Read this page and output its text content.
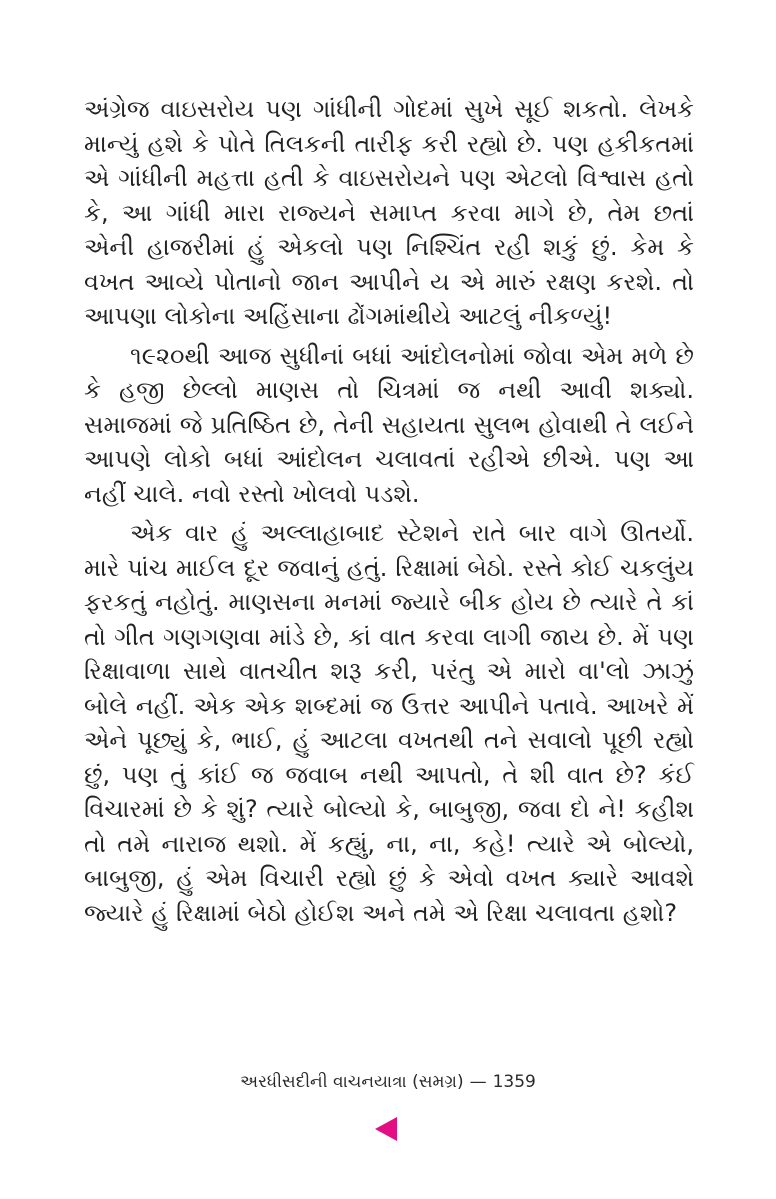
અંગ્રેજ વાઇસરોય પણ ગાંધીની ગોદમાં સુખે સૂઈ શકતો. લેખકે માન્યું હશે કે પોતે તિલકની તારીફ કરી રહ્યો છે. પણ હકીકતમાં એ ગાંધીની મહત્તા હતી કે વાઇસરોયને પણ એટલો વિશ્વાસ હતો કે, આ ગાંધી મારા રાજ્યને સમાપ્ત કરવા માગે છે, તેમ છતાં એની હાજરીમાં હું એકલો પણ નિશ્ચિંત રહી શકું છું. કેમ કે વખત આવ્યે પોતાનો જાન આપીને ય એ મારું રક્ષણ કરશે. તો આપણા લોકોના અહિંસાના ઢોંગમાંથીયે આટલું નીકળ્યું!

૧૯૨૦થી આજ સુધીનાં બધાં આંદોલનોમાં જોવા એમ મળે છે કે હજી છેલ્લો માણસ તો ચિત્રમાં જ નથી આવી શક્યો. સમાજમાં જે પ્રતિષ્ઠિત છે, તેની સહાયતા સુલભ હોવાથી તે લઈને આપણે લોકો બધાં આંદોલન ચલાવતાં રહીએ છીએ. પણ આ નહીં ચાલે. નવો રસ્તો ખોલવો પડશે.

એક વાર હું અલ્લાહાબાદ સ્ટેશને રાતે બાર વાગે ઊતર્યો. મારે પાંચ માઈલ દૂર જવાનું હતું. રિક્ષામાં બેઠો. રસ્તે કોઈ ચકલુંય ફરકતું નહોતું. માણસના મનમાં જ્યારે બીક હોય છે ત્યારે તે કાં તો ગીત ગણગણવા માંડે છે, કાં વાત કરવા લાગી જાય છે. મેં પણ રિક્ષાવાળા સાથે વાતચીત શરૂ કરી, પરંતુ એ મારો વા'લો ઝાઝું બોલે નહીં. એક એક શબ્દમાં જ ઉત્તર આપીને પતાવે. આખરે મેં એને પૂછ્યું કે, ભાઈ, હું આટલા વખતથી તને સવાલો પૂછી રહ્યો છું, પણ તું કાંઈ જ જવાબ નથી આપતો, તે શી વાત છે? કંઈ વિચારમાં છે કે શું? ત્યારે બોલ્યો કે, બાબુજી, જવા દો ને! કહીશ તો તમે નારાજ થશો. મેં કહ્યું, ના, ના, કહે! ત્યારે એ બોલ્યો, બાબુજી, હું એમ વિચારી રહ્યો છું કે એવો વખત ક્યારે આવશે જ્યારે હું રિક્ષામાં બેઠો હોઈશ અને તમે એ રિક્ષા ચલાવતા હશો?

અરધીસદીની વાચનયાત્રા (સમગ્ર) — 1359
